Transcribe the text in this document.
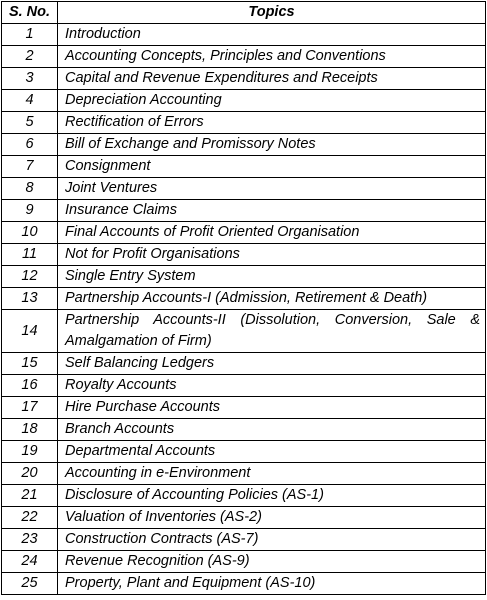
S. No.	Topics
1	Introduction
2	Accounting Concepts, Principles and Conventions
3	Capital and Revenue Expenditures and Receipts
4	Depreciation Accounting
5	Rectification of Errors
6	Bill of Exchange and Promissory Notes
7	Consignment
8	Joint Ventures
9	Insurance Claims
10	Final Accounts of Profit Oriented Organisation
11	Not for Profit Organisations
12	Single Entry System
13	Partnership Accounts-I (Admission, Retirement & Death)
14	Partnership Accounts-II (Dissolution, Conversion, Sale & Amalgamation of Firm)
15	Self Balancing Ledgers
16	Royalty Accounts
17	Hire Purchase Accounts
18	Branch Accounts
19	Departmental Accounts
20	Accounting in e-Environment
21	Disclosure of Accounting Policies (AS-1)
22	Valuation of Inventories (AS-2)
23	Construction Contracts (AS-7)
24	Revenue Recognition (AS-9)
25	Property, Plant and Equipment (AS-10)
